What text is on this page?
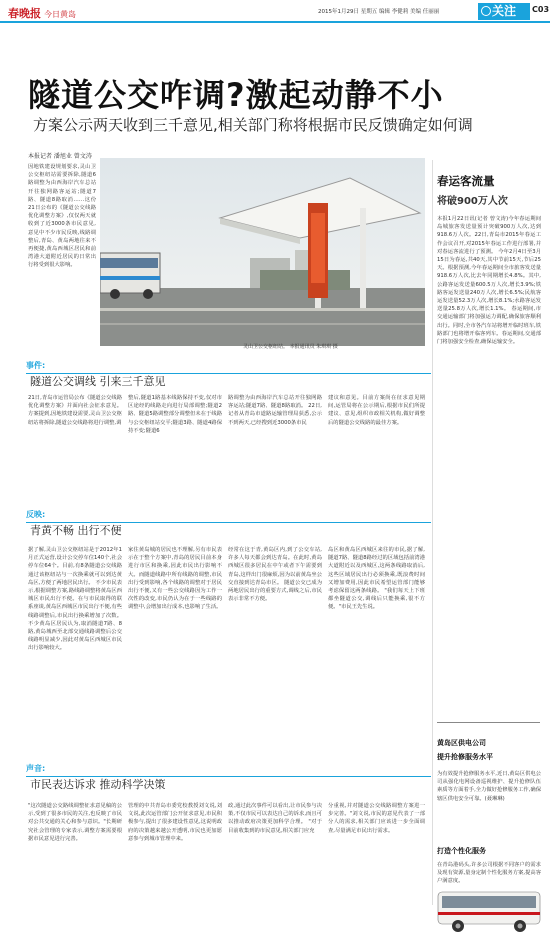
春晚报 今日黄岛	2015年1月29日 星期五 编辑 李健莉 美编 任丽丽	关注	C03
隧道公交咋调?激起动静不小
方案公示两天收到三千意见,相关部门称将根据市民反馈确定如何调
本报记者 潘旭业 曾文涛
因地铁建设规划要求,灵山卫公交枢纽站需要拆除,隧道6路调整为由西海岸汽车总站开往独网路客运站;隧道7路、隧道8路取消……这份21日公布的《隧道公交线路优化调整方案》,仅仅两天就收到了近3000条市民意见,意见中不少市民反映,线路调整后,青岛、黄岛两地往来不再便捷,黄岛西城区居民和前湾港大道附近居民的日常出行将受到很大影响。
灵山卫公交枢纽站。 本报通讯员 朱琪琪 摄
事件:
隧道公交调线 引来三千意见
21日,青岛市运管局公布《隧道公交线路优化调整方案》并面向社会征求意见。方案提到,因地铁建设需要,灵山卫公交枢纽站将拆除,隧道公交线路将进行调整,调
整后,隧道1路基本线路保持不变,仅对市区途经的线路走向进行局部调整;隧道2路、隧道5路调整部分调整但未在于线路与公交枢纽站交平;隧道3路、隧道4路保持不变;隧道6
路调整为由西海岸汽车总站开往独网路客运站;隧道7路、隧道8路取消。 22日,记者从青岛市道路运输管理局获悉,公示不到两天,已经搜到近3000条市民
建议和意见。目前方案尚在征求意见期间,运管局将在公示期后,根据市民们所提建议、意见,组织市政相关机构,做好调整后的隧道公交线路的最佳方案。
反映:
青黄不畅 出行不便
据了解,灵山卫公交枢纽站是于2012年1月正式运营,设计公交停车位140个,社会停车位64个。目前,有8条隧道公交线路通过该枢纽站与一次换乘就可以到达黄岛区,方便了两地居民出行。 不少市民表示,根据调整方案,路线路调整将黄岛区西城区市民出行不便。在与市民取得的联系座谈,黄岛区西城区市民出行不便,有些线路调整后,市民出行换乘增加了次数。 不少黄岛区居民认为,取消隧道7路、8路,黄岛城西至北部交通线路调整后公交线路明显减少,因此对黄岛区西城区市民出行影响较大。
家住黄岛城的居民也不理解,另有市民表示在于整个方案中,青岛的居民目前本身进行市区和换乘,因此市民出行影响不大。而隧道线路中所有线路的调整,市民出行受到影响,各个线路的调整对于居民出行不便,又有一些公交线路因为工作一次性的改变,市民仍认为在于一些线路的调整中,会增加出行成本,也影响了生活。
经常在这于青,黄岛区内,到了公交车站,许多人每天都会到达青岛。在此时,黄岛西城区很多居民在中午或者下午需要到青岛,这样出门很麻烦,因为以前黄岛坐公交直接到达青岛市区。 隧道公交已成为两地居民出行的重要方式,调线之后,市民表示非常不方便。
岛区和黄岛区西城区来往的市民,据了解,隧道7路、隧道8路经过的区域包括前湾港大道附近以及西城区,这两条线路取消后,这些区域居民出行必须换乘,既浪费时间又增加费用,因此市民希望运管部门能够考虑保留这两条线路。 "我们每天上下班都坐隧道公交,调线后只能换乘,很不方便。"市民王先生说。
声音:
市民表达诉求 推动科学决策
"这次隧道公交路线调整征求意见稿的公示,受到了很多市民的关注,也反映了市民对公共交通的关心和参与意识。"长期研究社会管理的专家表示,调整方案需要根据市民意见进行完善。
管理的中共青岛市委党校教授刘文说,刘文说,此次运管部门公开征求意见,市民积极参与,提出了很多建设性意见,这说明政府的决策越来越公开透明,市民也更加愿意参与到城市管理中来。
政,通过此次事件可以看出,让市民参与决策,不仅市民可以表达自己的诉求,而且可以推动政府决策更加科学合理。 "对于目前收集到的市民意见,相关部门应充
分重视,并对隧道公交线路调整方案进一步完善。"刘文说,市民的意见代表了一部分人的需求,相关部门应该进一步全面调查,尽量满足市民出行需求。
春运客流量
将破900万人次
本报1月22日讯(记者 曾文涛)今年春运期间岛城旅客发送量预计突破900万人次,达到918.6万人次。22日,青岛市2015年春运工作会议召开,对2015年春运工作进行部署,并对春运客流进行了预测。 今年2月4日至3月15日为春运,共40天,其中节前15天,节后25天。根据预测,今年春运期间全市旅客发送量918.6万人次,比去年同期增长4.8%。其中,公路客运发送量600.5万人次,增长3.9%;铁路客运发送量240万人次,增长6.5%;民航客运发送量52.3万人次,增长8.1%;水路客运发送量25.8万人次,增长1.1%。 春运期间,市交通运输部门将加强运力调配,确保旅客顺利出行。同时,全市各汽车站将增开临时班车,铁路部门也将增开临客列车。春运期间,交通部门将加强安全检查,确保运输安全。
黄岛区供电公司
提升抢修服务水平
为有效提升抢修服务水平,近日,黄岛区供电公司从强化电网设备巡视维护、提升抢修队伍素质等方面着手,全力做好抢修服务工作,确保辖区供电安全可靠。(聂琳琳)
打造个性化服务
在青岛港码头,许多公司根据不同客户的需求及现有资源,量身定制个性化服务方案,提高客户满意度。
